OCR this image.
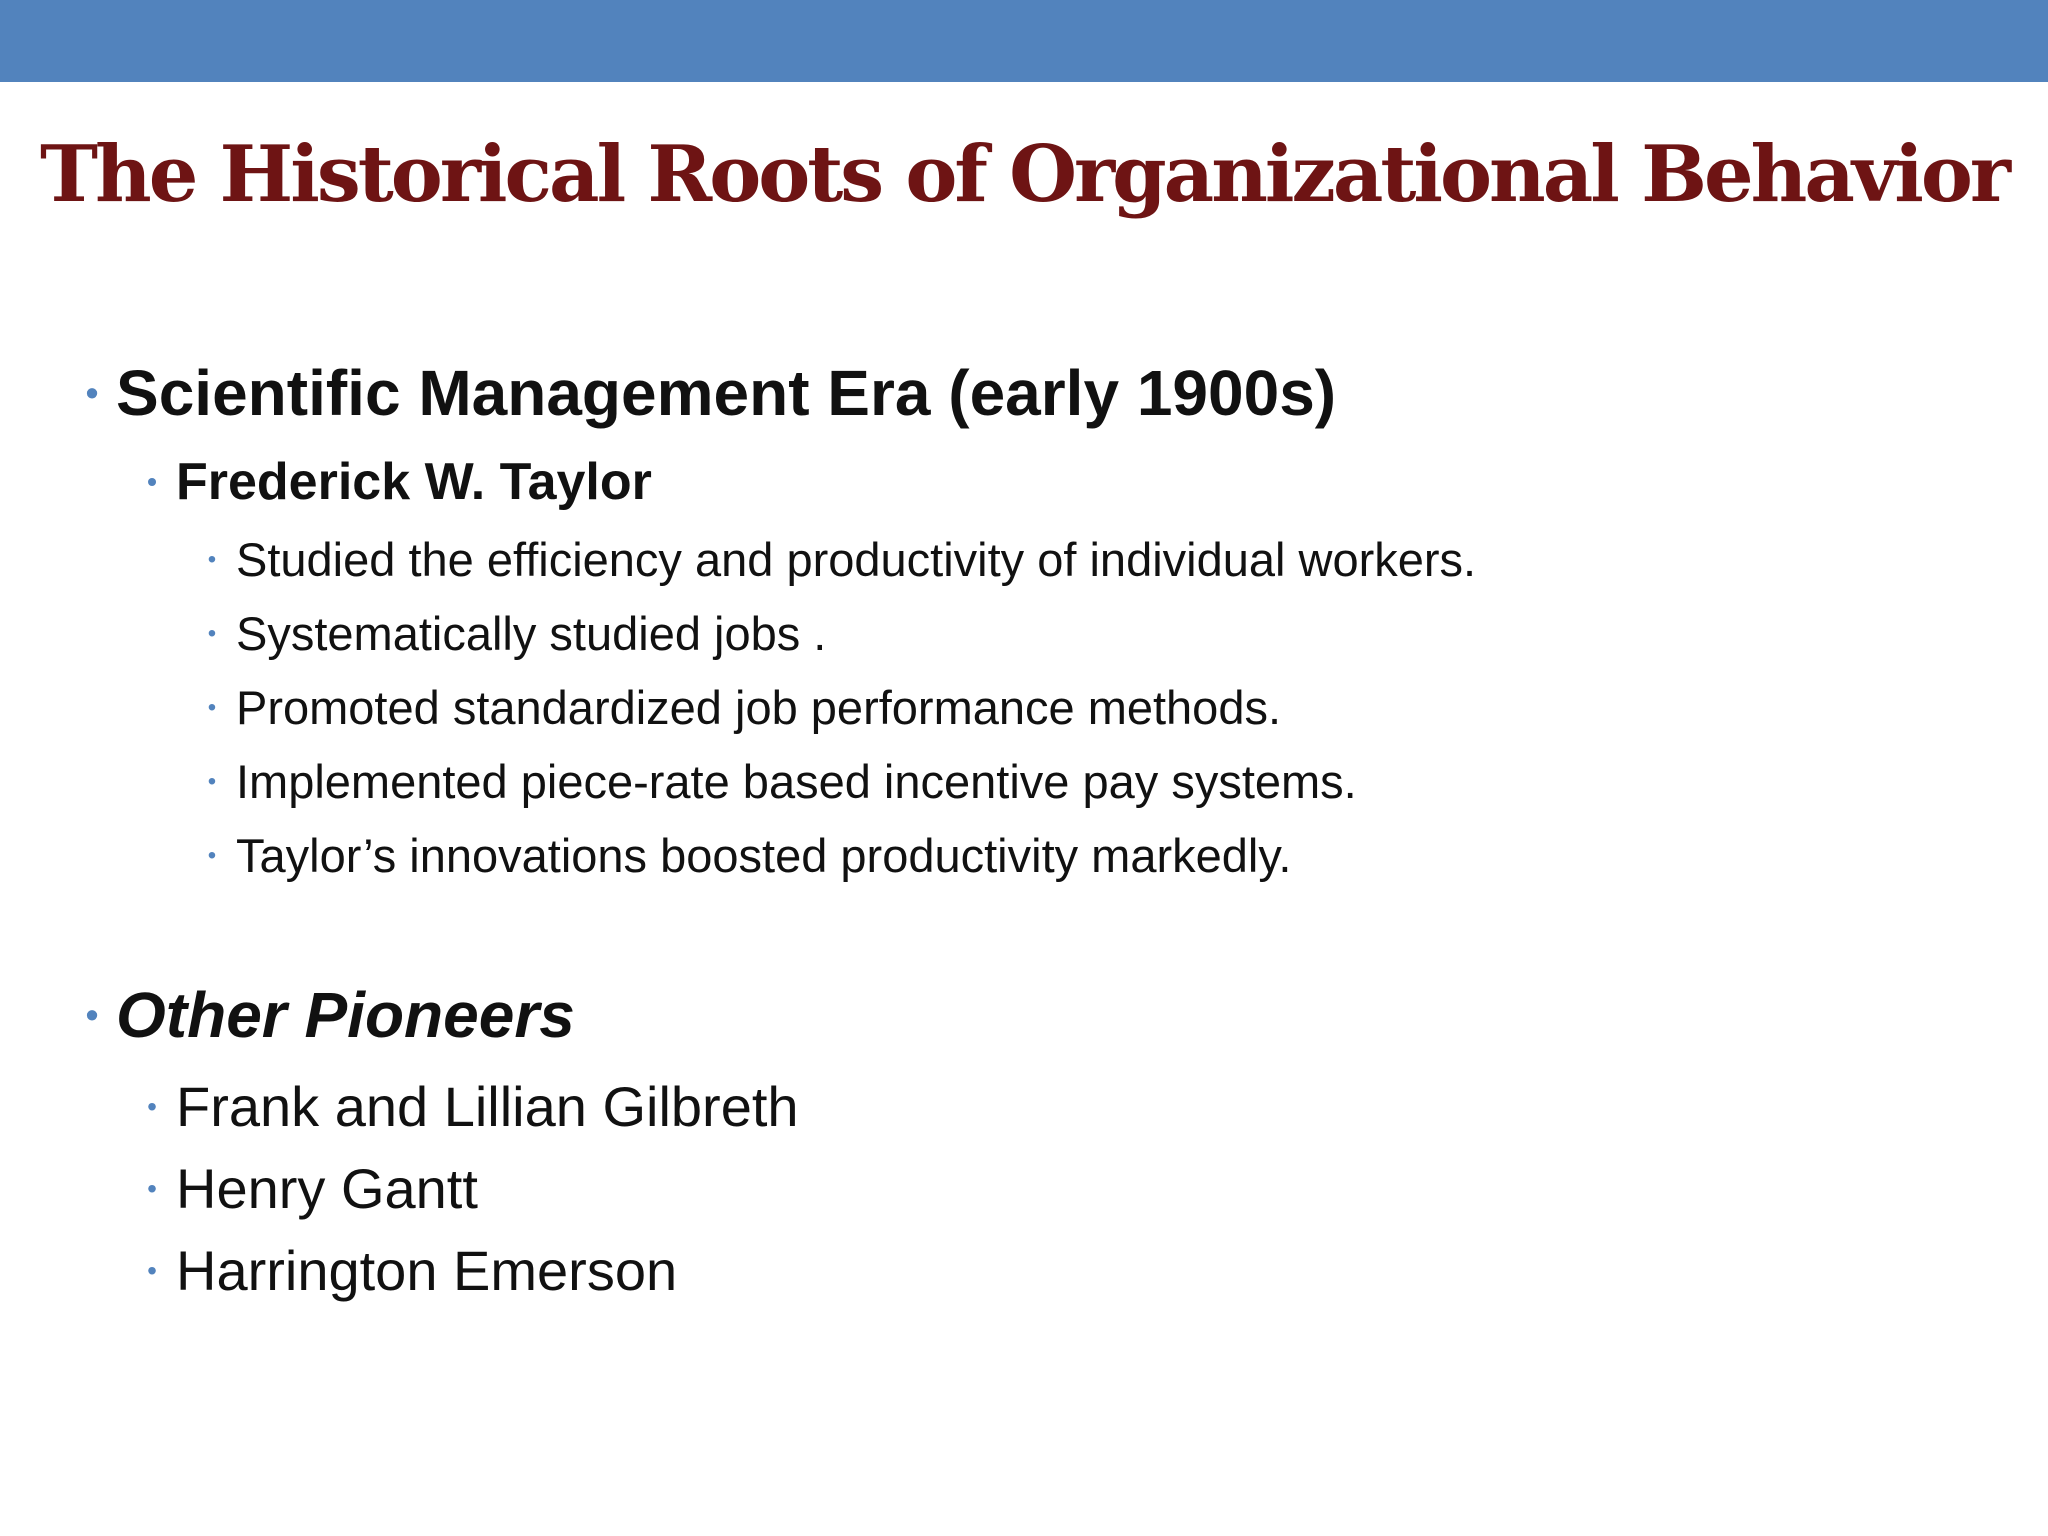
The Historical Roots of Organizational Behavior
• Scientific Management Era (early 1900s)
• Frederick W. Taylor
• Studied the efficiency and productivity of individual workers.
• Systematically studied jobs .
• Promoted standardized job performance methods.
• Implemented piece-rate based incentive pay systems.
• Taylor’s innovations boosted productivity markedly.
• Other Pioneers
• Frank and Lillian Gilbreth
• Henry Gantt
• Harrington Emerson
